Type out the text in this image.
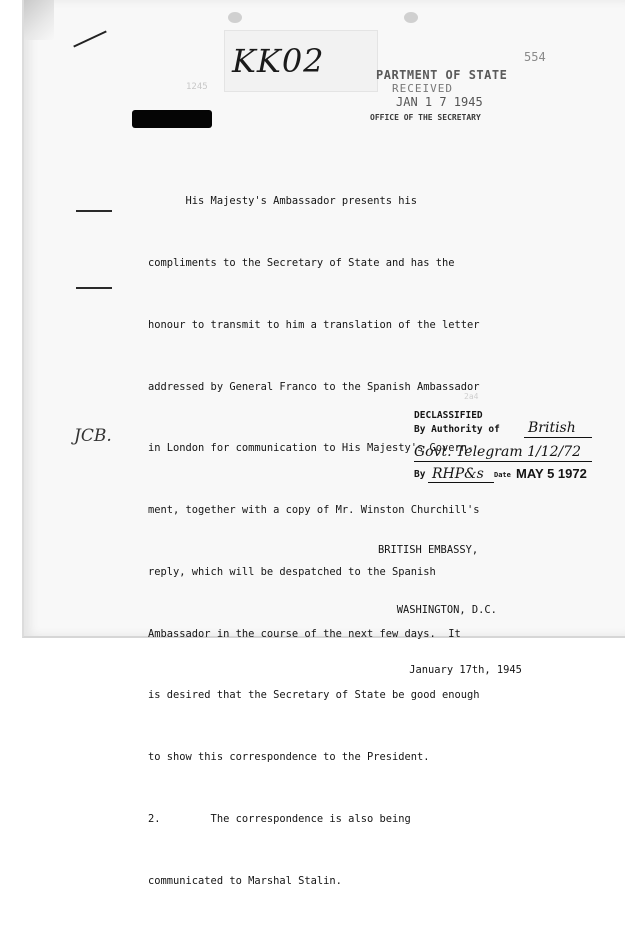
KK02
1245
PARTMENT OF STATE
RECEIVED
JAN 1 7 1945
OFFICE OF THE SECRETARY
554

His Majesty's Ambassador presents his

compliments to the Secretary of State and has the

honour to transmit to him a translation of the letter

addressed by General Franco to the Spanish Ambassador

in London for communication to His Majesty's Govern-

ment, together with a copy of Mr. Winston Churchill's

reply, which will be despatched to the Spanish

Ambassador in the course of the next few days.  It

is desired that the Secretary of State be good enough

to show this correspondence to the President.

2.        The correspondence is also being

communicated to Marshal Stalin.

JCB.
2a4
DECLASSIFIED
By Authority of British
Govt. Telegram 1/12/72
By RHP&s Date MAY 5 1972

BRITISH EMBASSY,

WASHINGTON, D.C.

January 17th, 1945
